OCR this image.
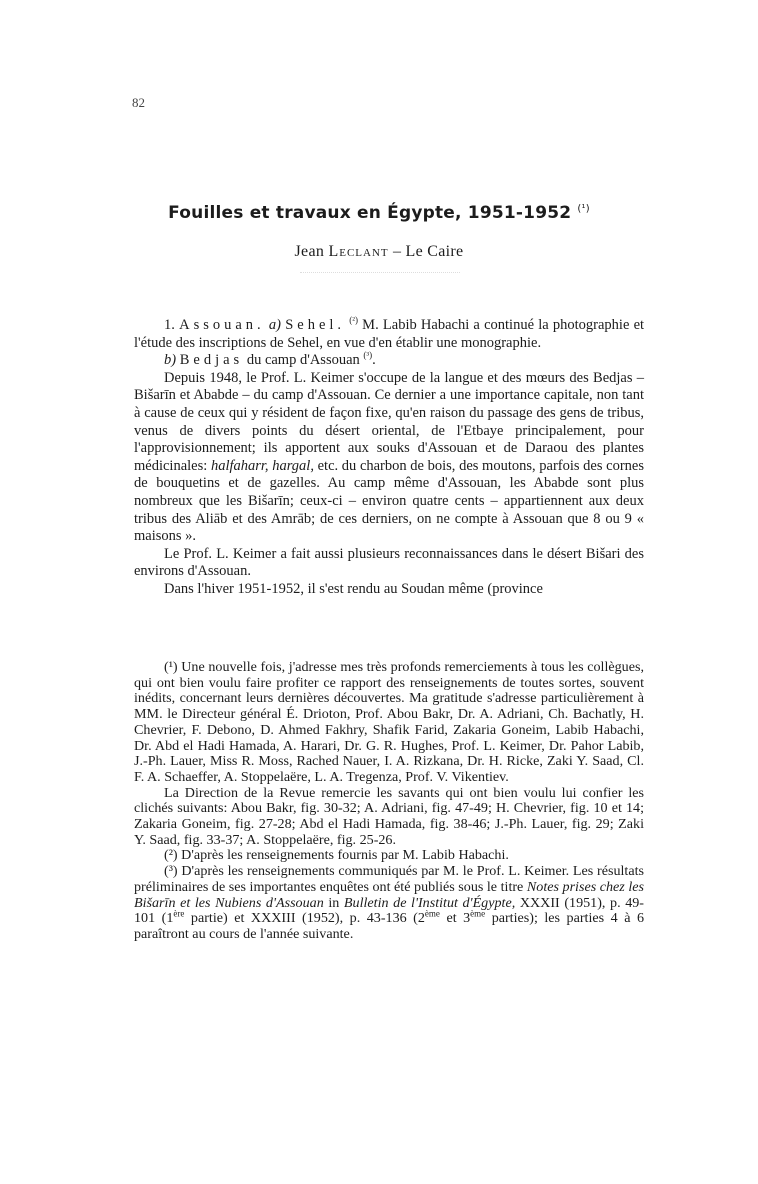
82
Fouilles et travaux en Égypte, 1951-1952 $^{(^1)}$
Jean Leclant – Le Caire

1. Assouan. a) Sehel. $^{(^2)}$ M. Labib Habachi a continué la photographie et l'étude des inscriptions de Sehel, en vue d'en établir une monographie.

b) Bedjas du camp d'Assouan $^{(^3)}$.

Depuis 1948, le Prof. L. Keimer s'occupe de la langue et des mœurs des Bedjas – Bišarīn et Ababde – du camp d'Assouan. Ce dernier a une importance capitale, non tant à cause de ceux qui y résident de façon fixe, qu'en raison du passage des gens de tribus, venus de divers points du désert oriental, de l'Etbaye principalement, pour l'approvisionnement; ils apportent aux souks d'Assouan et de Daraou des plantes médicinales: halfaharr, hargal, etc. du charbon de bois, des moutons, parfois des cornes de bouquetins et de gazelles. Au camp même d'Assouan, les Ababde sont plus nombreux que les Bišarīn; ceux-ci – environ quatre cents – appartiennent aux deux tribus des Aliāb et des Amrāb; de ces derniers, on ne compte à Assouan que 8 ou 9 « maisons ».

Le Prof. L. Keimer a fait aussi plusieurs reconnaissances dans le désert Bišari des environs d'Assouan.

Dans l'hiver 1951-1952, il s'est rendu au Soudan même (province

(¹) Une nouvelle fois, j'adresse mes très profonds remerciements à tous les collègues, qui ont bien voulu faire profiter ce rapport des renseignements de toutes sortes, souvent inédits, concernant leurs dernières découvertes. Ma gratitude s'adresse particulièrement à MM. le Directeur général É. Drioton, Prof. Abou Bakr, Dr. A. Adriani, Ch. Bachatly, H. Chevrier, F. Debono, D. Ahmed Fakhry, Shafik Farid, Zakaria Goneim, Labib Habachi, Dr. Abd el Hadi Hamada, A. Harari, Dr. G. R. Hughes, Prof. L. Keimer, Dr. Pahor Labib, J.-Ph. Lauer, Miss R. Moss, Rached Nauer, I. A. Rizkana, Dr. H. Ricke, Zaki Y. Saad, Cl. F. A. Schaeffer, A. Stoppelaëre, L. A. Tregenza, Prof. V. Vikentiev.

La Direction de la Revue remercie les savants qui ont bien voulu lui confier les clichés suivants: Abou Bakr, fig. 30-32; A. Adriani, fig. 47-49; H. Chevrier, fig. 10 et 14; Zakaria Goneim, fig. 27-28; Abd el Hadi Hamada, fig. 38-46; J.-Ph. Lauer, fig. 29; Zaki Y. Saad, fig. 33-37; A. Stoppelaëre, fig. 25-26.

(²) D'après les renseignements fournis par M. Labib Habachi.

(³) D'après les renseignements communiqués par M. le Prof. L. Keimer. Les résultats préliminaires de ses importantes enquêtes ont été publiés sous le titre Notes prises chez les Bišarīn et les Nubiens d'Assouan in Bulletin de l'Institut d'Égypte, XXXII (1951), p. 49-101 (1ère partie) et XXXIII (1952), p. 43-136 (2ème et 3ème parties); les parties 4 à 6 paraîtront au cours de l'année suivante.
